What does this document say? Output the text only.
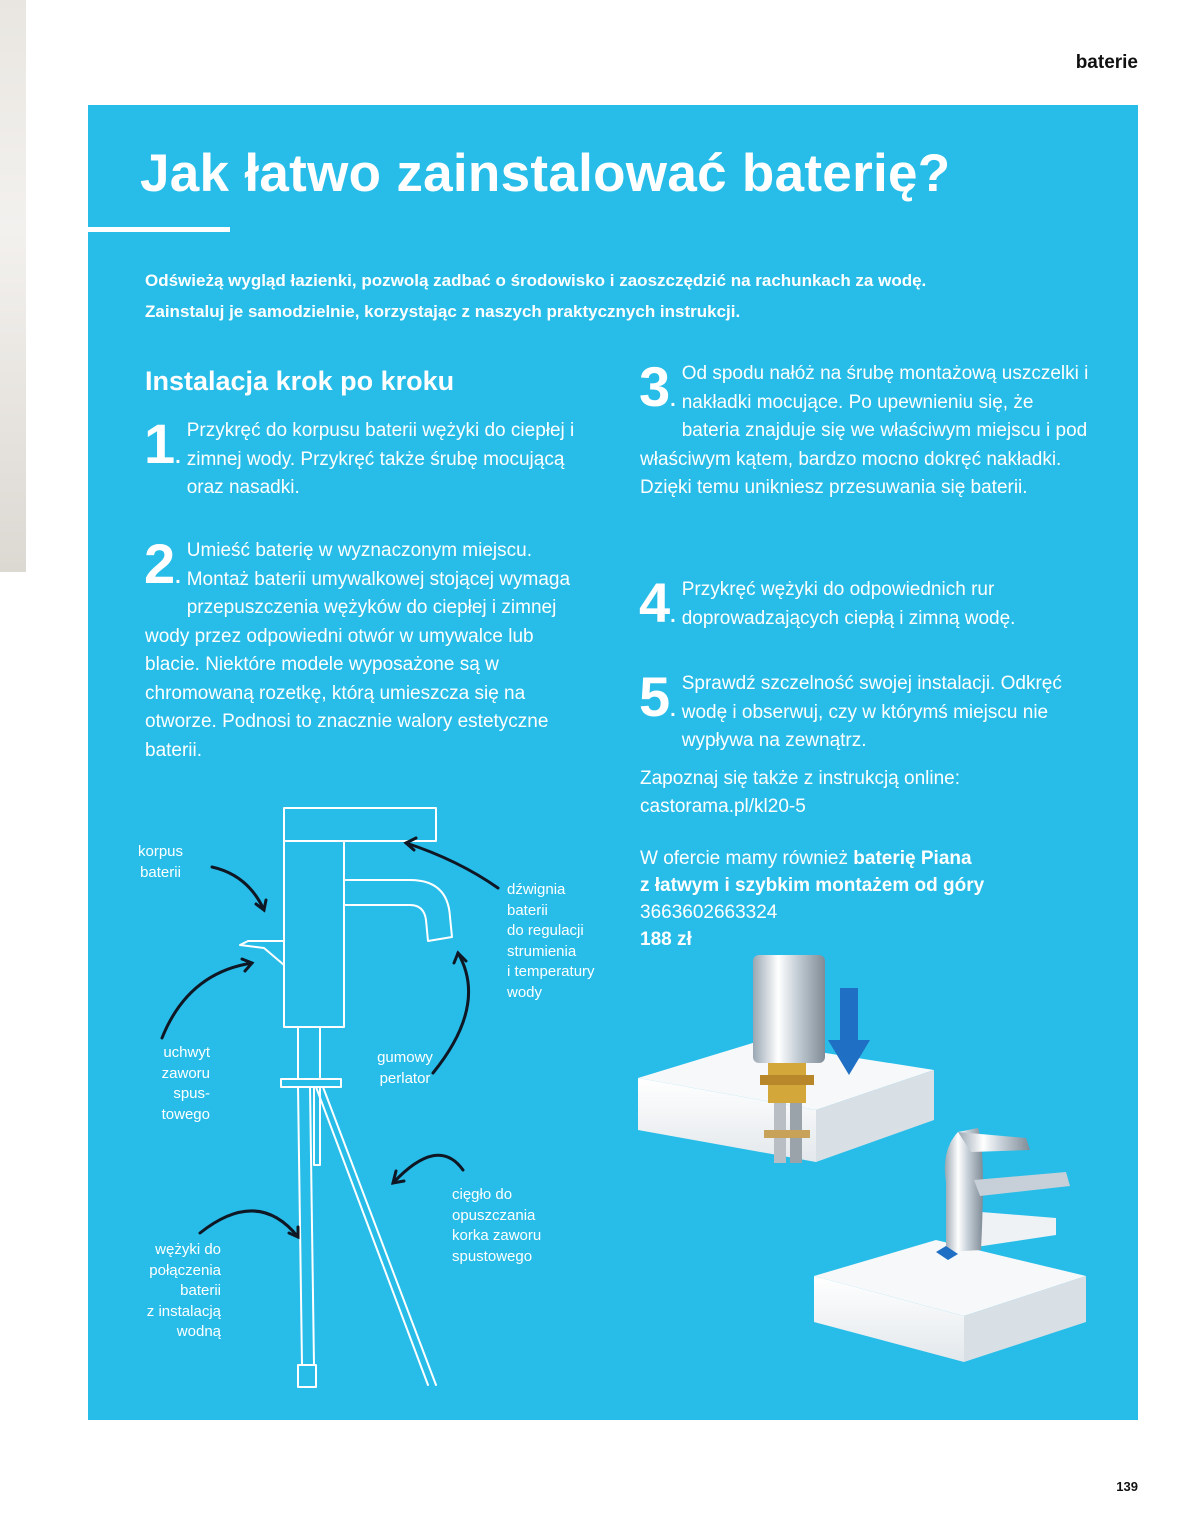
baterie
Jak łatwo zainstalować baterię?

Odświeżą wygląd łazienki, pozwolą zadbać o środowisko i zaoszczędzić na rachunkach za wodę.
Zainstaluj je samodzielnie, korzystając z naszych praktycznych instrukcji.

Instalacja krok po kroku
1.

Przykręć do korpusu baterii wężyki do ciepłej i zimnej wody. Przykręć także śrubę mocującą oraz nasadki.

2.

Umieść baterię w wyznaczonym miejscu. Montaż baterii umywalkowej stojącej wymaga przepuszczenia wężyków do ciepłej i zimnej wody przez odpowiedni otwór w umywalce lub blacie. Niektóre modele wyposażone są w chromowaną rozetkę, którą umieszcza się na otworze. Podnosi to znacznie walory estetyczne baterii.

3.

Od spodu nałóż na śrubę montażową uszczelki i nakładki mocujące. Po upewnieniu się, że bateria znajduje się we właściwym miejscu i pod właściwym kątem, bardzo mocno dokręć nakładki. Dzięki temu unikniesz przesuwania się baterii.

4.

Przykręć wężyki do odpowiednich rur doprowadzających ciepłą i zimną wodę.

5.

Sprawdź szczelność swojej instalacji. Odkręć wodę i obserwuj, czy w którymś miejscu nie wypływa na zewnątrz.

Zapoznaj się także z instrukcją online:
castorama.pl/kl20-5
W ofercie mamy również baterię Piana
z łatwym i szybkim montażem od góry
3663602663324
188 zł
korpus
baterii
dźwignia
baterii
do regulacji
strumienia
i temperatury
wody
uchwyt
zaworu
spus-
towego
gumowy
perlator
cięgło do
opuszczania
korka zaworu
spustowego
wężyki do
połączenia
baterii
z instalacją
wodną
139
